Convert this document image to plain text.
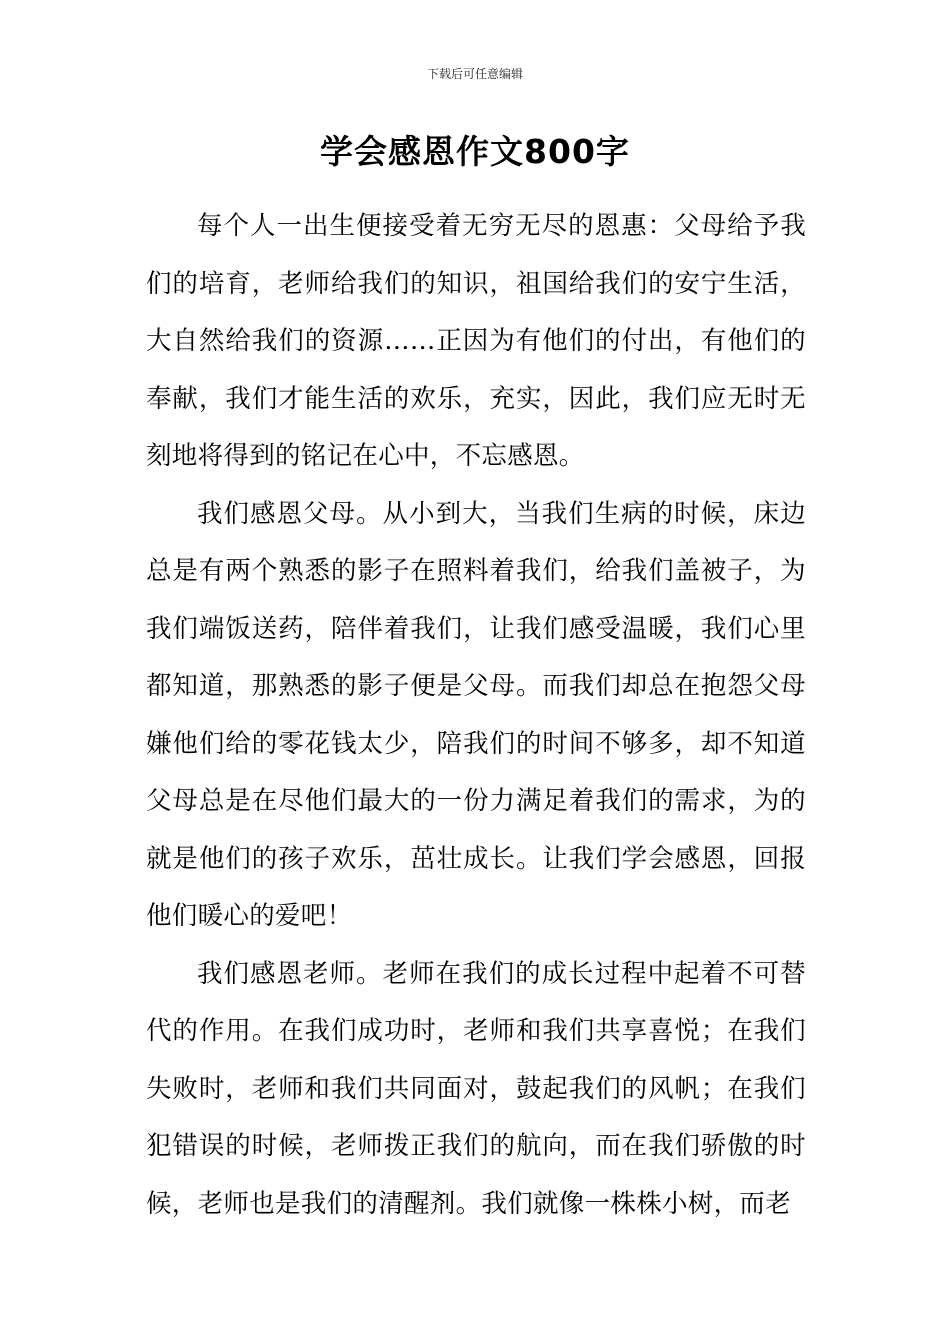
下载后可任意编辑
学会感恩作文800字

每个人一出生便接受着无穷无尽的恩惠：父母给予我们的培育，老师给我们的知识，祖国给我们的安宁生活，大自然给我们的资源……正因为有他们的付出，有他们的奉献，我们才能生活的欢乐，充实，因此，我们应无时无刻地将得到的铭记在心中，不忘感恩。

我们感恩父母。从小到大，当我们生病的时候，床边总是有两个熟悉的影子在照料着我们，给我们盖被子，为我们端饭送药，陪伴着我们，让我们感受温暖，我们心里都知道，那熟悉的影子便是父母。而我们却总在抱怨父母嫌他们给的零花钱太少，陪我们的时间不够多，却不知道父母总是在尽他们最大的一份力满足着我们的需求，为的就是他们的孩子欢乐，茁壮成长。让我们学会感恩，回报他们暖心的爱吧！

我们感恩老师。老师在我们的成长过程中起着不可替代的作用。在我们成功时，老师和我们共享喜悦；在我们失败时，老师和我们共同面对，鼓起我们的风帆；在我们犯错误的时候，老师拨正我们的航向，而在我们骄傲的时候，老师也是我们的清醒剂。我们就像一株株小树，而老
